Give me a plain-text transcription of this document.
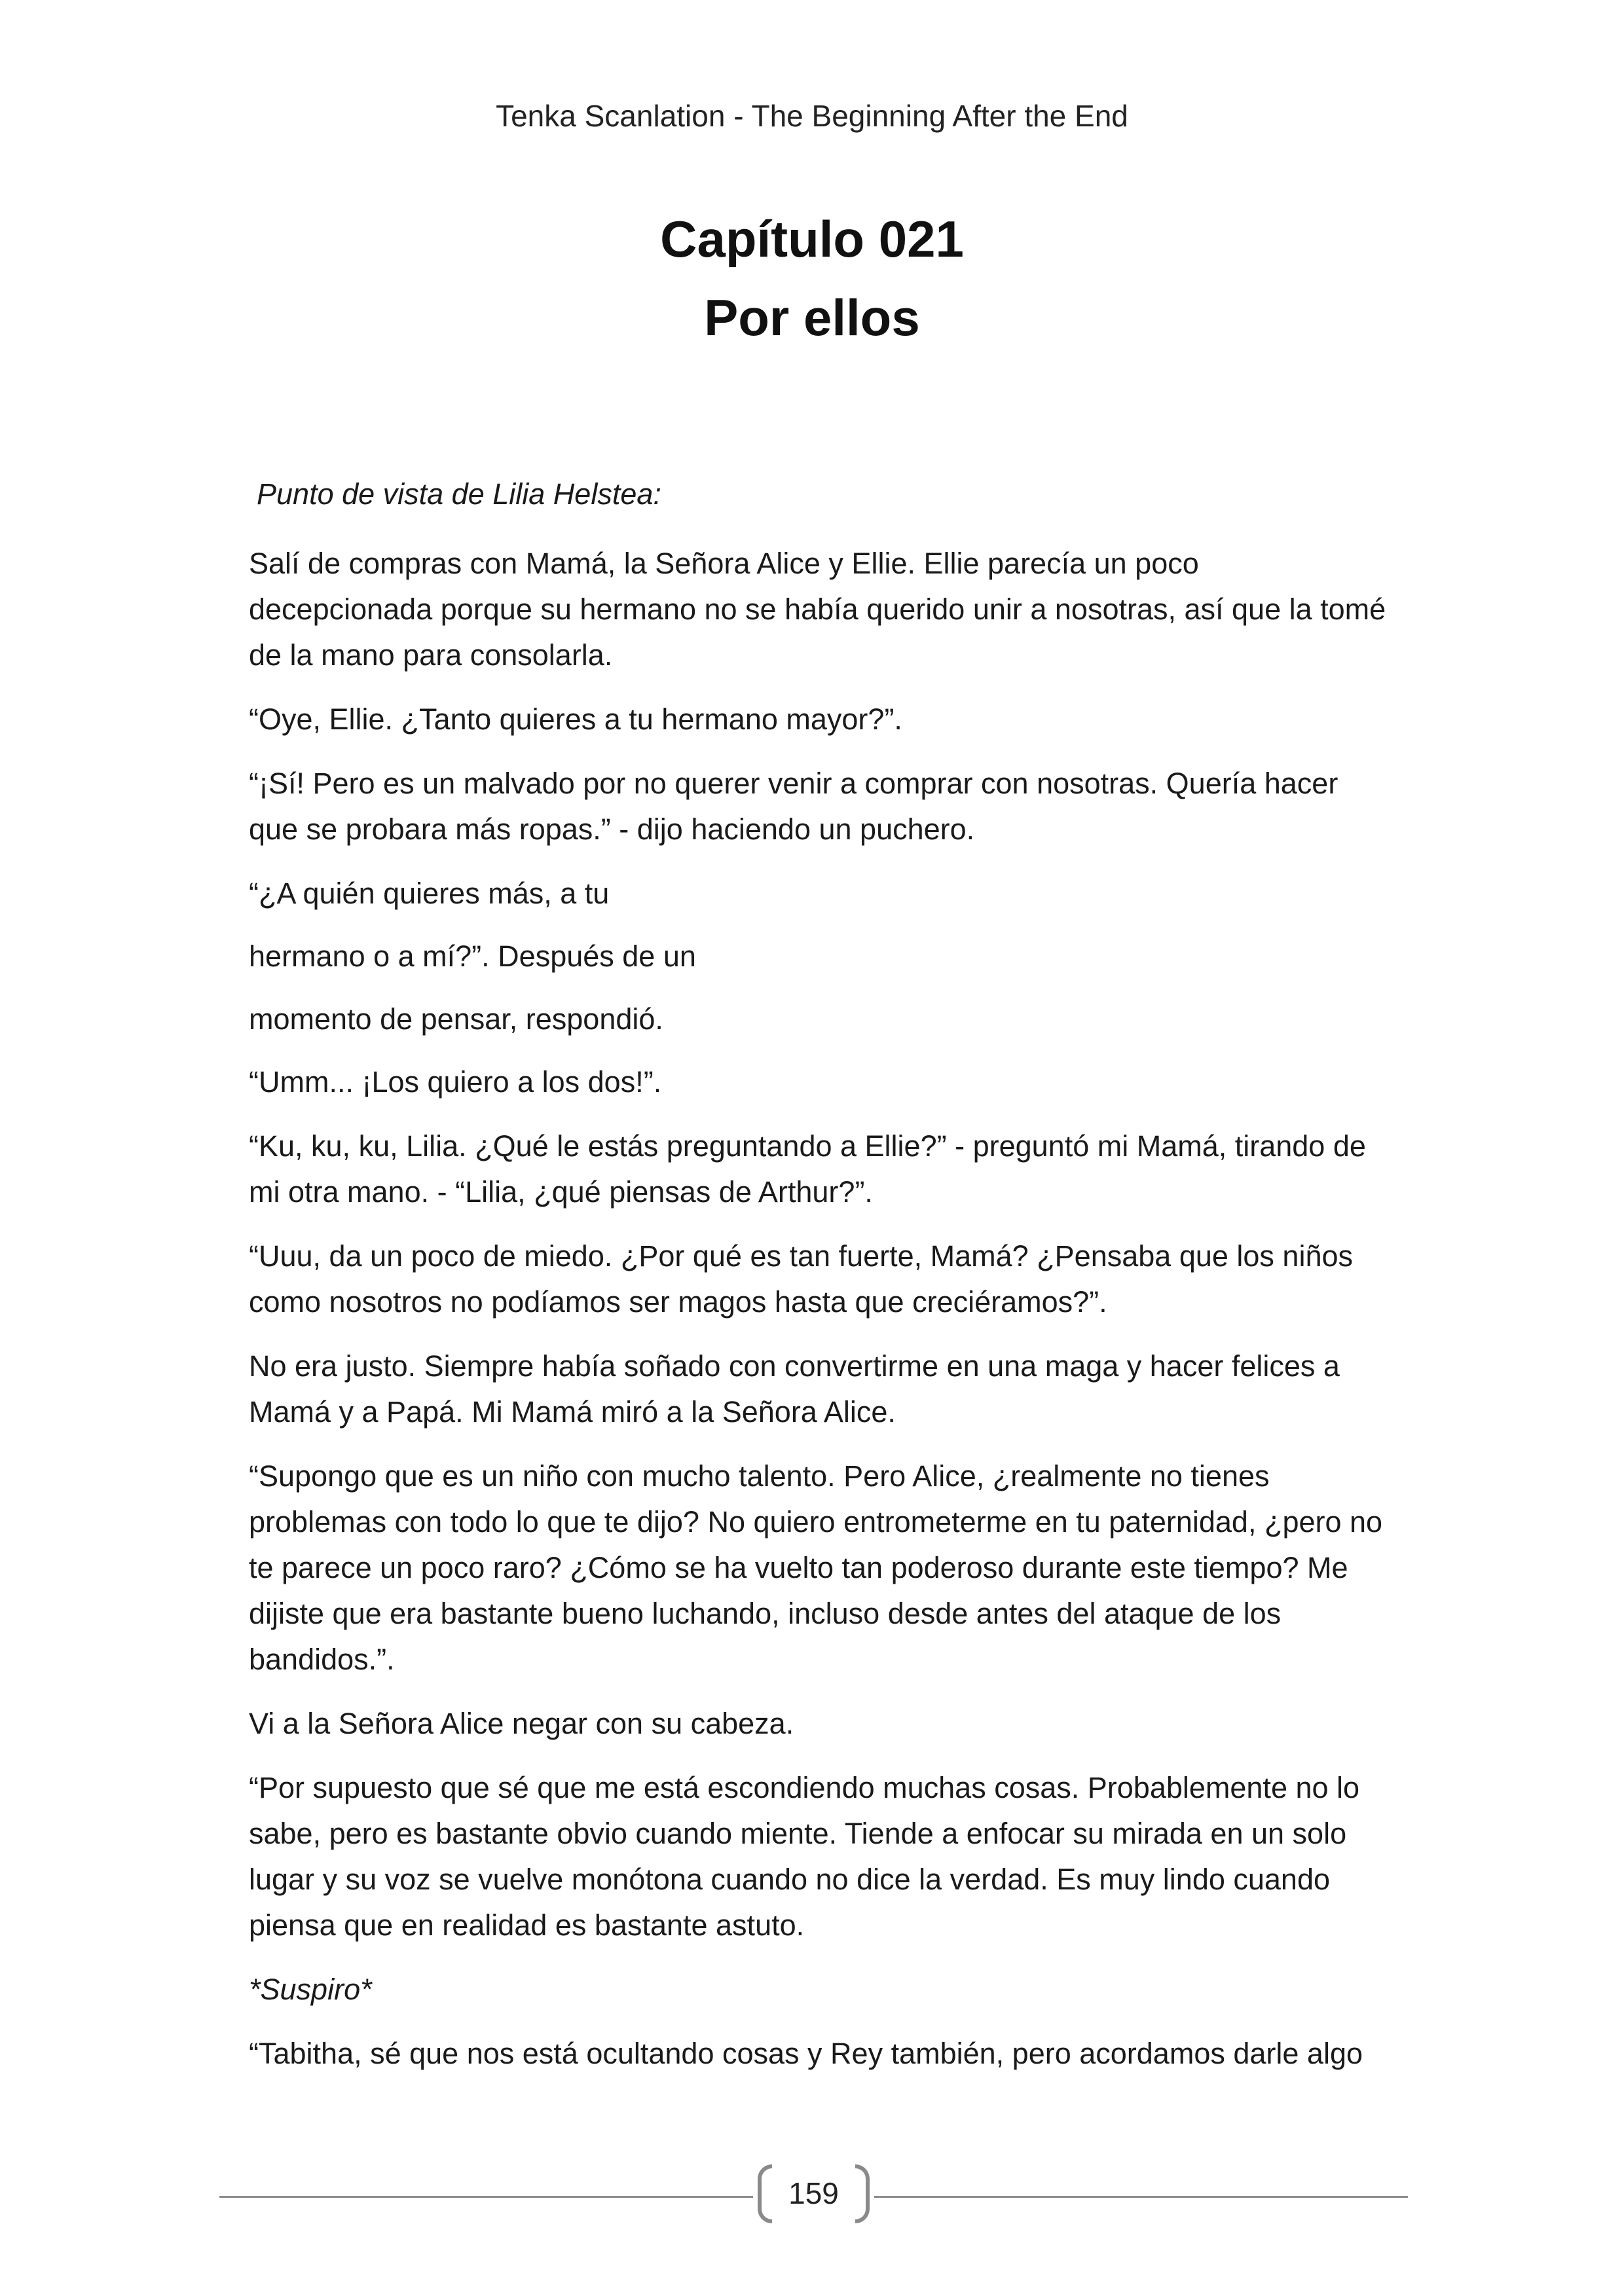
Tenka Scanlation - The Beginning After the End
Capítulo 021
Por ellos

Punto de vista de Lilia Helstea:

Salí de compras con Mamá, la Señora Alice y Ellie. Ellie parecía un poco decepcionada porque su hermano no se había querido unir a nosotras, así que la tomé de la mano para consolarla.

“Oye, Ellie. ¿Tanto quieres a tu hermano mayor?”.

“¡Sí! Pero es un malvado por no querer venir a comprar con nosotras. Quería hacer que se probara más ropas.” - dijo haciendo un puchero.

“¿A quién quieres más, a tu

hermano o a mí?”. Después de un

momento de pensar, respondió.

“Umm... ¡Los quiero a los dos!”.

“Ku, ku, ku, Lilia. ¿Qué le estás preguntando a Ellie?” - preguntó mi Mamá, tirando de mi otra mano. - “Lilia, ¿qué piensas de Arthur?”.

“Uuu, da un poco de miedo. ¿Por qué es tan fuerte, Mamá? ¿Pensaba que los niños como nosotros no podíamos ser magos hasta que creciéramos?”.

No era justo. Siempre había soñado con convertirme en una maga y hacer felices a Mamá y a Papá. Mi Mamá miró a la Señora Alice.

“Supongo que es un niño con mucho talento. Pero Alice, ¿realmente no tienes problemas con todo lo que te dijo? No quiero entrometerme en tu paternidad, ¿pero no te parece un poco raro? ¿Cómo se ha vuelto tan poderoso durante este tiempo? Me dijiste que era bastante bueno luchando, incluso desde antes del ataque de los bandidos.”.

Vi a la Señora Alice negar con su cabeza.

“Por supuesto que sé que me está escondiendo muchas cosas. Probablemente no lo sabe, pero es bastante obvio cuando miente. Tiende a enfocar su mirada en un solo lugar y su voz se vuelve monótona cuando no dice la verdad. Es muy lindo cuando piensa que en realidad es bastante astuto.

*Suspiro*

“Tabitha, sé que nos está ocultando cosas y Rey también, pero acordamos darle algo

159
